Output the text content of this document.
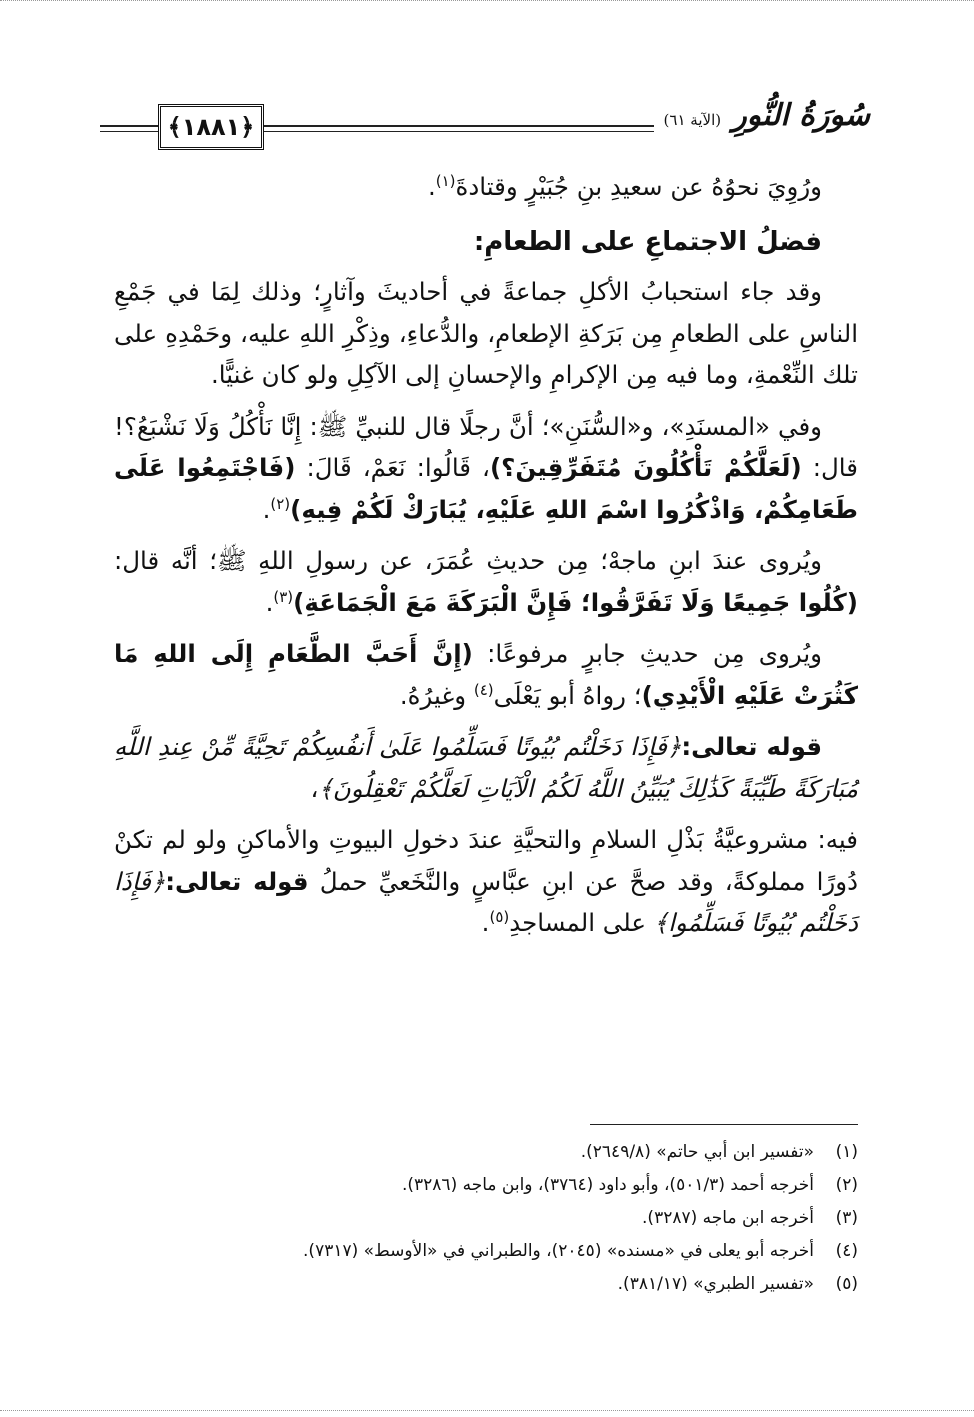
﴾١٨٨١﴿	سُورَةُ النُّورِ (الآية ٦١)

ورُوِيَ نحوُهُ عن سعيدِ بنِ جُبَيْرٍ وقتادةَ$^{(١)}$.

فضلُ الاجتماعِ على الطعامِ:

وقد جاء استحبابُ الأكلِ جماعةً في أحاديثَ وآثارٍ؛ وذلك لِمَا في جَمْعِ الناسِ على الطعامِ مِن بَرَكةِ الإطعامِ، والدُّعاءِ، وذِكْرِ اللهِ عليه، وحَمْدِهِ على تلك النِّعْمةِ، وما فيه مِن الإكرامِ والإحسانِ إلى الآكِلِ ولو كان غنيًّا.

وفي «المسنَدِ»، و«السُّنَنِ»؛ أنَّ رجلًا قال للنبيِّ ﷺ: إِنَّا نَأْكُلُ وَلَا نَشْبَعُ؟! قال: (لَعَلَّكُمْ تَأْكُلُونَ مُتَفَرِّقِينَ؟)، قَالُوا: نَعَمْ، قَالَ: (فَاجْتَمِعُوا عَلَى طَعَامِكُمْ، وَاذْكُرُوا اسْمَ اللهِ عَلَيْهِ، يُبَارَكْ لَكُمْ فِيهِ)$^{(٢)}$.

ويُروى عندَ ابنِ ماجهْ؛ مِن حديثِ عُمَرَ، عن رسولِ اللهِ ﷺ؛ أنَّه قال: (كُلُوا جَمِيعًا وَلَا تَفَرَّقُوا؛ فَإِنَّ الْبَرَكَةَ مَعَ الْجَمَاعَةِ)$^{(٣)}$.

ويُروى مِن حديثِ جابرٍ مرفوعًا: (إِنَّ أَحَبَّ الطَّعَامِ إِلَى اللهِ مَا كَثُرَتْ عَلَيْهِ الْأَيْدِي)؛ رواهُ أبو يَعْلَى$^{(٤)}$ وغيرُهُ.

قوله تعالى:﴿فَإِذَا دَخَلْتُم بُيُوتًا فَسَلِّمُوا عَلَىٰ أَنفُسِكُمْ تَحِيَّةً مِّنْ عِندِ اللَّهِ مُبَارَكَةً طَيِّبَةً كَذَٰلِكَ يُبَيِّنُ اللَّهُ لَكُمُ الْآيَاتِ لَعَلَّكُمْ تَعْقِلُونَ﴾،

فيه: مشروعيَّةُ بَذْلِ السلامِ والتحيَّةِ عندَ دخولِ البيوتِ والأماكنِ ولو لم تكنْ دُورًا مملوكةً، وقد صحَّ عن ابنِ عبَّاسٍ والنَّخَعيِّ حملُ قوله تعالى:﴿فَإِذَا دَخَلْتُم بُيُوتًا فَسَلِّمُوا﴾ على المساجدِ$^{(٥)}$.

(١)«تفسير ابن أبي حاتم» (٢٦٤٩/٨).

(٢)أخرجه أحمد (٥٠١/٣)، وأبو داود (٣٧٦٤)، وابن ماجه (٣٢٨٦).

(٣)أخرجه ابن ماجه (٣٢٨٧).

(٤)أخرجه أبو يعلى في «مسنده» (٢٠٤٥)، والطبراني في «الأوسط» (٧٣١٧).

(٥)«تفسير الطبري» (٣٨١/١٧).
